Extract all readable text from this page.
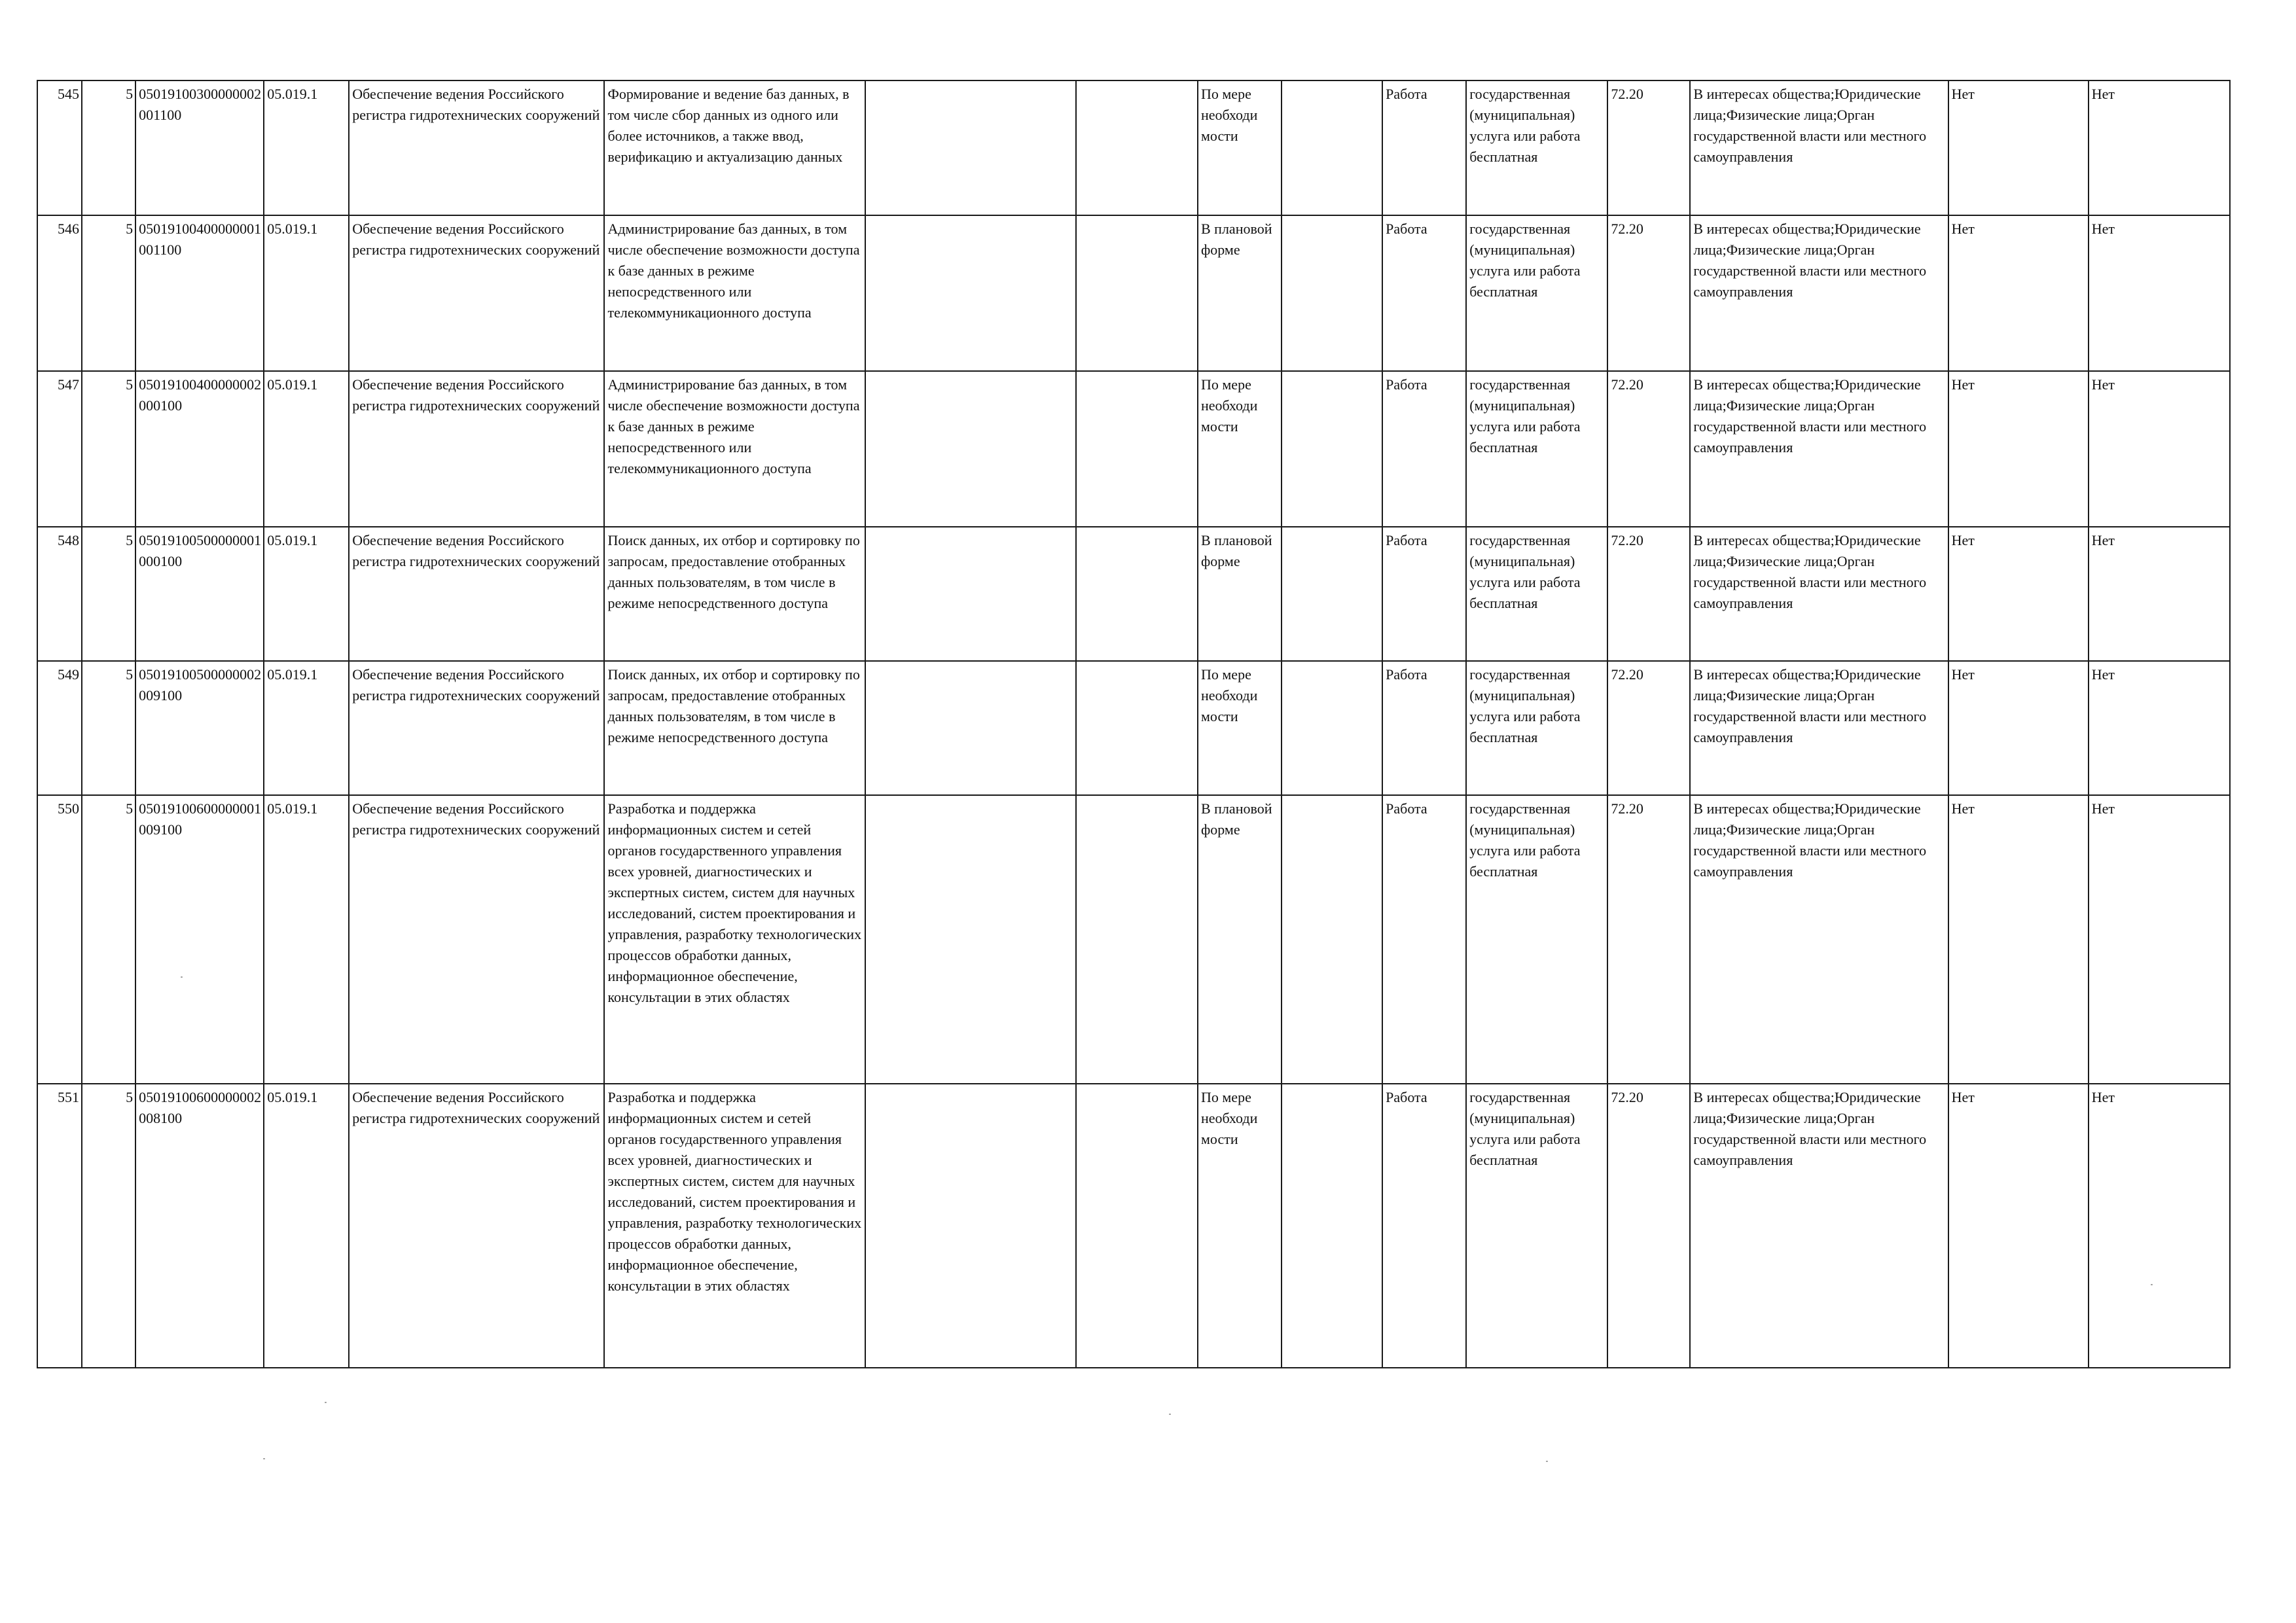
545	5	05019100300000002001100	05.019.1	Обеспечение ведения Российского регистра гидротехнических сооружений	Формирование и ведение баз данных, в том числе сбор данных из одного или более источников, а также ввод, верификацию и актуализацию данных			По мере необходи мости		Работа	государственная (муниципальная) услуга или работа бесплатная	72.20	В интересах общества;Юридические лица;Физические лица;Орган государственной власти или местного самоуправления	Нет	Нет
546	5	05019100400000001001100	05.019.1	Обеспечение ведения Российского регистра гидротехнических сооружений	Администрирование баз данных, в том числе обеспечение возможности доступа к базе данных в режиме непосредственного или телекоммуникационного доступа			В плановой форме		Работа	государственная (муниципальная) услуга или работа бесплатная	72.20	В интересах общества;Юридические лица;Физические лица;Орган государственной власти или местного самоуправления	Нет	Нет
547	5	05019100400000002000100	05.019.1	Обеспечение ведения Российского регистра гидротехнических сооружений	Администрирование баз данных, в том числе обеспечение возможности доступа к базе данных в режиме непосредственного или телекоммуникационного доступа			По мере необходи мости		Работа	государственная (муниципальная) услуга или работа бесплатная	72.20	В интересах общества;Юридические лица;Физические лица;Орган государственной власти или местного самоуправления	Нет	Нет
548	5	05019100500000001000100	05.019.1	Обеспечение ведения Российского регистра гидротехнических сооружений	Поиск данных, их отбор и сортировку по запросам, предоставление отобранных данных пользователям, в том числе в режиме непосредственного доступа			В плановой форме		Работа	государственная (муниципальная) услуга или работа бесплатная	72.20	В интересах общества;Юридические лица;Физические лица;Орган государственной власти или местного самоуправления	Нет	Нет
549	5	05019100500000002009100	05.019.1	Обеспечение ведения Российского регистра гидротехнических сооружений	Поиск данных, их отбор и сортировку по запросам, предоставление отобранных данных пользователям, в том числе в режиме непосредственного доступа			По мере необходи мости		Работа	государственная (муниципальная) услуга или работа бесплатная	72.20	В интересах общества;Юридические лица;Физические лица;Орган государственной власти или местного самоуправления	Нет	Нет
550	5	05019100600000001009100	05.019.1	Обеспечение ведения Российского регистра гидротехнических сооружений	Разработка и поддержка информационных систем и сетей органов государственного управления всех уровней, диагностических и экспертных систем, систем для научных исследований, систем проектирования и управления, разработку технологических процессов обработки данных, информационное обеспечение, консультации в этих областях			В плановой форме		Работа	государственная (муниципальная) услуга или работа бесплатная	72.20	В интересах общества;Юридические лица;Физические лица;Орган государственной власти или местного самоуправления	Нет	Нет
551	5	05019100600000002008100	05.019.1	Обеспечение ведения Российского регистра гидротехнических сооружений	Разработка и поддержка информационных систем и сетей органов государственного управления всех уровней, диагностических и экспертных систем, систем для научных исследований, систем проектирования и управления, разработку технологических процессов обработки данных, информационное обеспечение, консультации в этих областях			По мере необходи мости		Работа	государственная (муниципальная) услуга или работа бесплатная	72.20	В интересах общества;Юридические лица;Физические лица;Орган государственной власти или местного самоуправления	Нет	Нет
